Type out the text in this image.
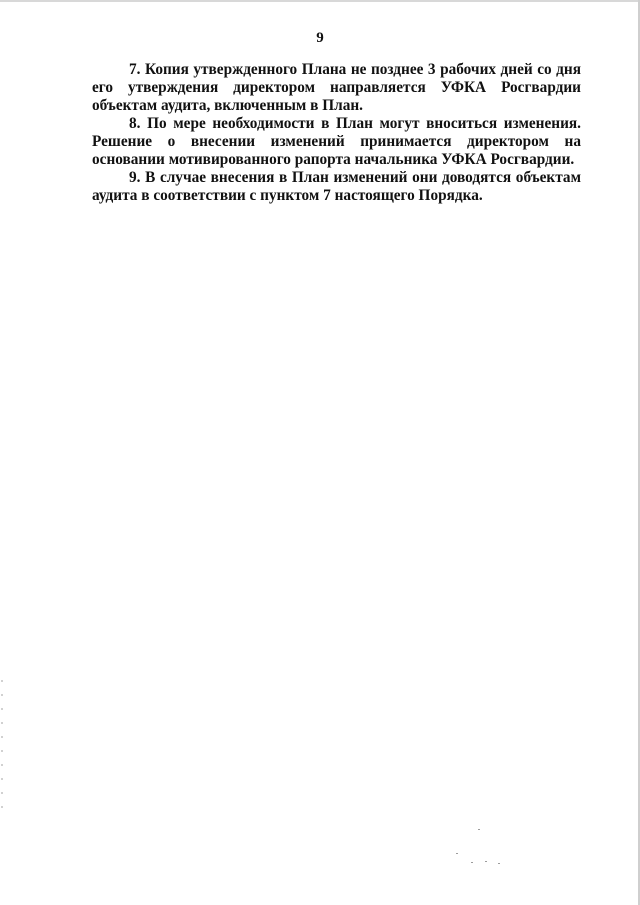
9

7. Копия утвержденного Плана не позднее 3 рабочих дней со дня его утверждения директором направляется УФКА Росгвардии объектам аудита, включенным в План.

8. По мере необходимости в План могут вноситься изменения. Решение о внесении изменений принимается директором на основании мотивированного рапорта начальника УФКА Росгвардии.

9. В случае внесения в План изменений они доводятся объектам аудита в соответствии с пунктом 7 настоящего Порядка.
